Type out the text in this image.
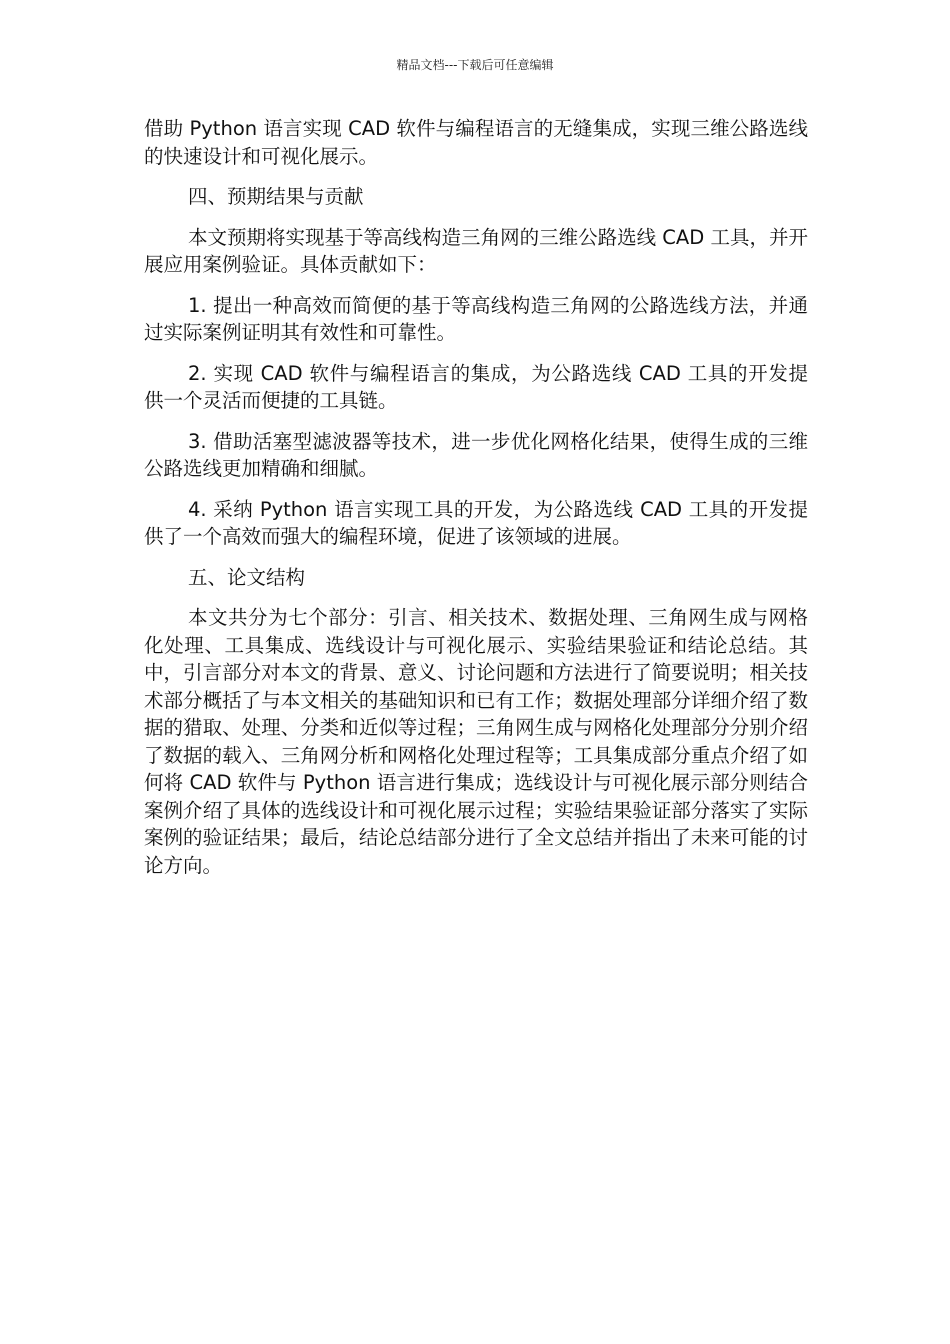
精品文档---下载后可任意编辑

借助 Python 语言实现 CAD 软件与编程语言的无缝集成，实现三维公路选线的快速设计和可视化展示。

四、预期结果与贡献

本文预期将实现基于等高线构造三角网的三维公路选线 CAD 工具，并开展应用案例验证。具体贡献如下：

1. 提出一种高效而简便的基于等高线构造三角网的公路选线方法，并通过实际案例证明其有效性和可靠性。

2. 实现 CAD 软件与编程语言的集成，为公路选线 CAD 工具的开发提供一个灵活而便捷的工具链。

3. 借助活塞型滤波器等技术，进一步优化网格化结果，使得生成的三维公路选线更加精确和细腻。

4. 采纳 Python 语言实现工具的开发，为公路选线 CAD 工具的开发提供了一个高效而强大的编程环境，促进了该领域的进展。

五、论文结构

本文共分为七个部分：引言、相关技术、数据处理、三角网生成与网格化处理、工具集成、选线设计与可视化展示、实验结果验证和结论总结。其中，引言部分对本文的背景、意义、讨论问题和方法进行了简要说明；相关技术部分概括了与本文相关的基础知识和已有工作；数据处理部分详细介绍了数据的猎取、处理、分类和近似等过程；三角网生成与网格化处理部分分别介绍了数据的载入、三角网分析和网格化处理过程等；工具集成部分重点介绍了如何将 CAD 软件与 Python 语言进行集成；选线设计与可视化展示部分则结合案例介绍了具体的选线设计和可视化展示过程；实验结果验证部分落实了实际案例的验证结果；最后，结论总结部分进行了全文总结并指出了未来可能的讨论方向。
